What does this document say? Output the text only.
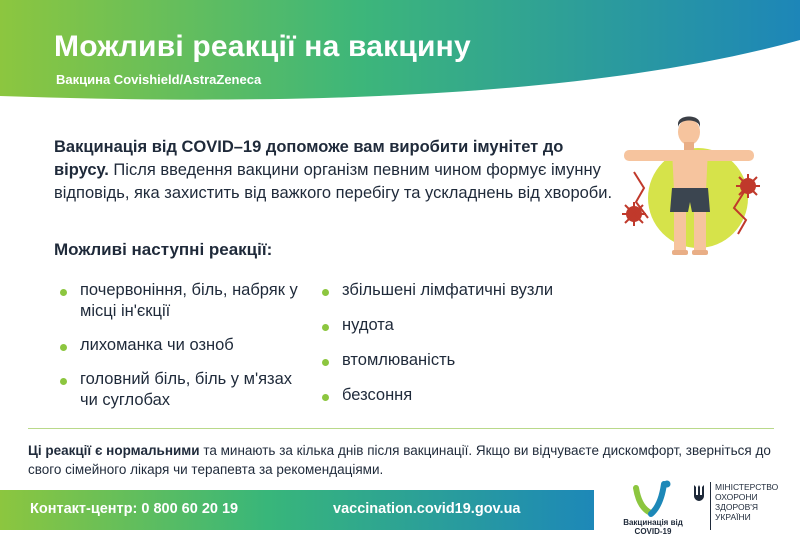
Можливі реакції на вакцину
Вакцина Covishield/AstraZeneca
Вакцинація від COVID–19 допоможе вам виробити імунітет до вірусу. Після введення вакцини організм певним чином формує імунну відповідь, яка захистить від важкого перебігу та ускладнень від хвороби.
Можливі наступні реакції:
почервоніння, біль, набряк у місці ін'єкції
лихоманка чи озноб
головний біль, біль у м'язах чи суглобах
збільшені лімфатичні вузли
нудота
втомлюваність
безсоння
Ці реакції є нормальними та минають за кілька днів після вакцинації. Якщо ви відчуваєте дискомфорт, зверніться до свого сімейного лікаря чи терапевта за рекомендаціями.
Контакт-центр: 0 800 60 20 19	vaccination.covid19.gov.ua
Вакцинація від COVID-19
МІНІСТЕРСТВО
ОХОРОНИ
ЗДОРОВ'Я
УКРАЇНИ
